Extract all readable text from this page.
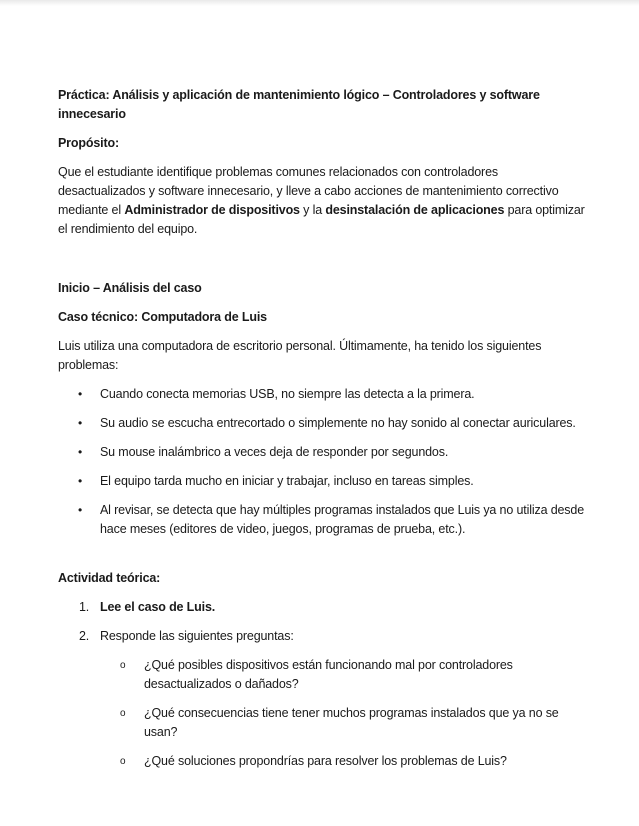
Práctica: Análisis y aplicación de mantenimiento lógico – Controladores y software innecesario

Propósito:

Que el estudiante identifique problemas comunes relacionados con controladores desactualizados y software innecesario, y lleve a cabo acciones de mantenimiento correctivo mediante el Administrador de dispositivos y la desinstalación de aplicaciones para optimizar el rendimiento del equipo.

Inicio – Análisis del caso

Caso técnico: Computadora de Luis

Luis utiliza una computadora de escritorio personal. Últimamente, ha tenido los siguientes problemas:

• Cuando conecta memorias USB, no siempre las detecta a la primera.
• Su audio se escucha entrecortado o simplemente no hay sonido al conectar auriculares.
• Su mouse inalámbrico a veces deja de responder por segundos.
• El equipo tarda mucho en iniciar y trabajar, incluso en tareas simples.
• Al revisar, se detecta que hay múltiples programas instalados que Luis ya no utiliza desde hace meses (editores de video, juegos, programas de prueba, etc.).

Actividad teórica:

1. Lee el caso de Luis.
2. Responde las siguientes preguntas:
o ¿Qué posibles dispositivos están funcionando mal por controladores desactualizados o dañados?
o ¿Qué consecuencias tiene tener muchos programas instalados que ya no se usan?
o ¿Qué soluciones propondrías para resolver los problemas de Luis?
